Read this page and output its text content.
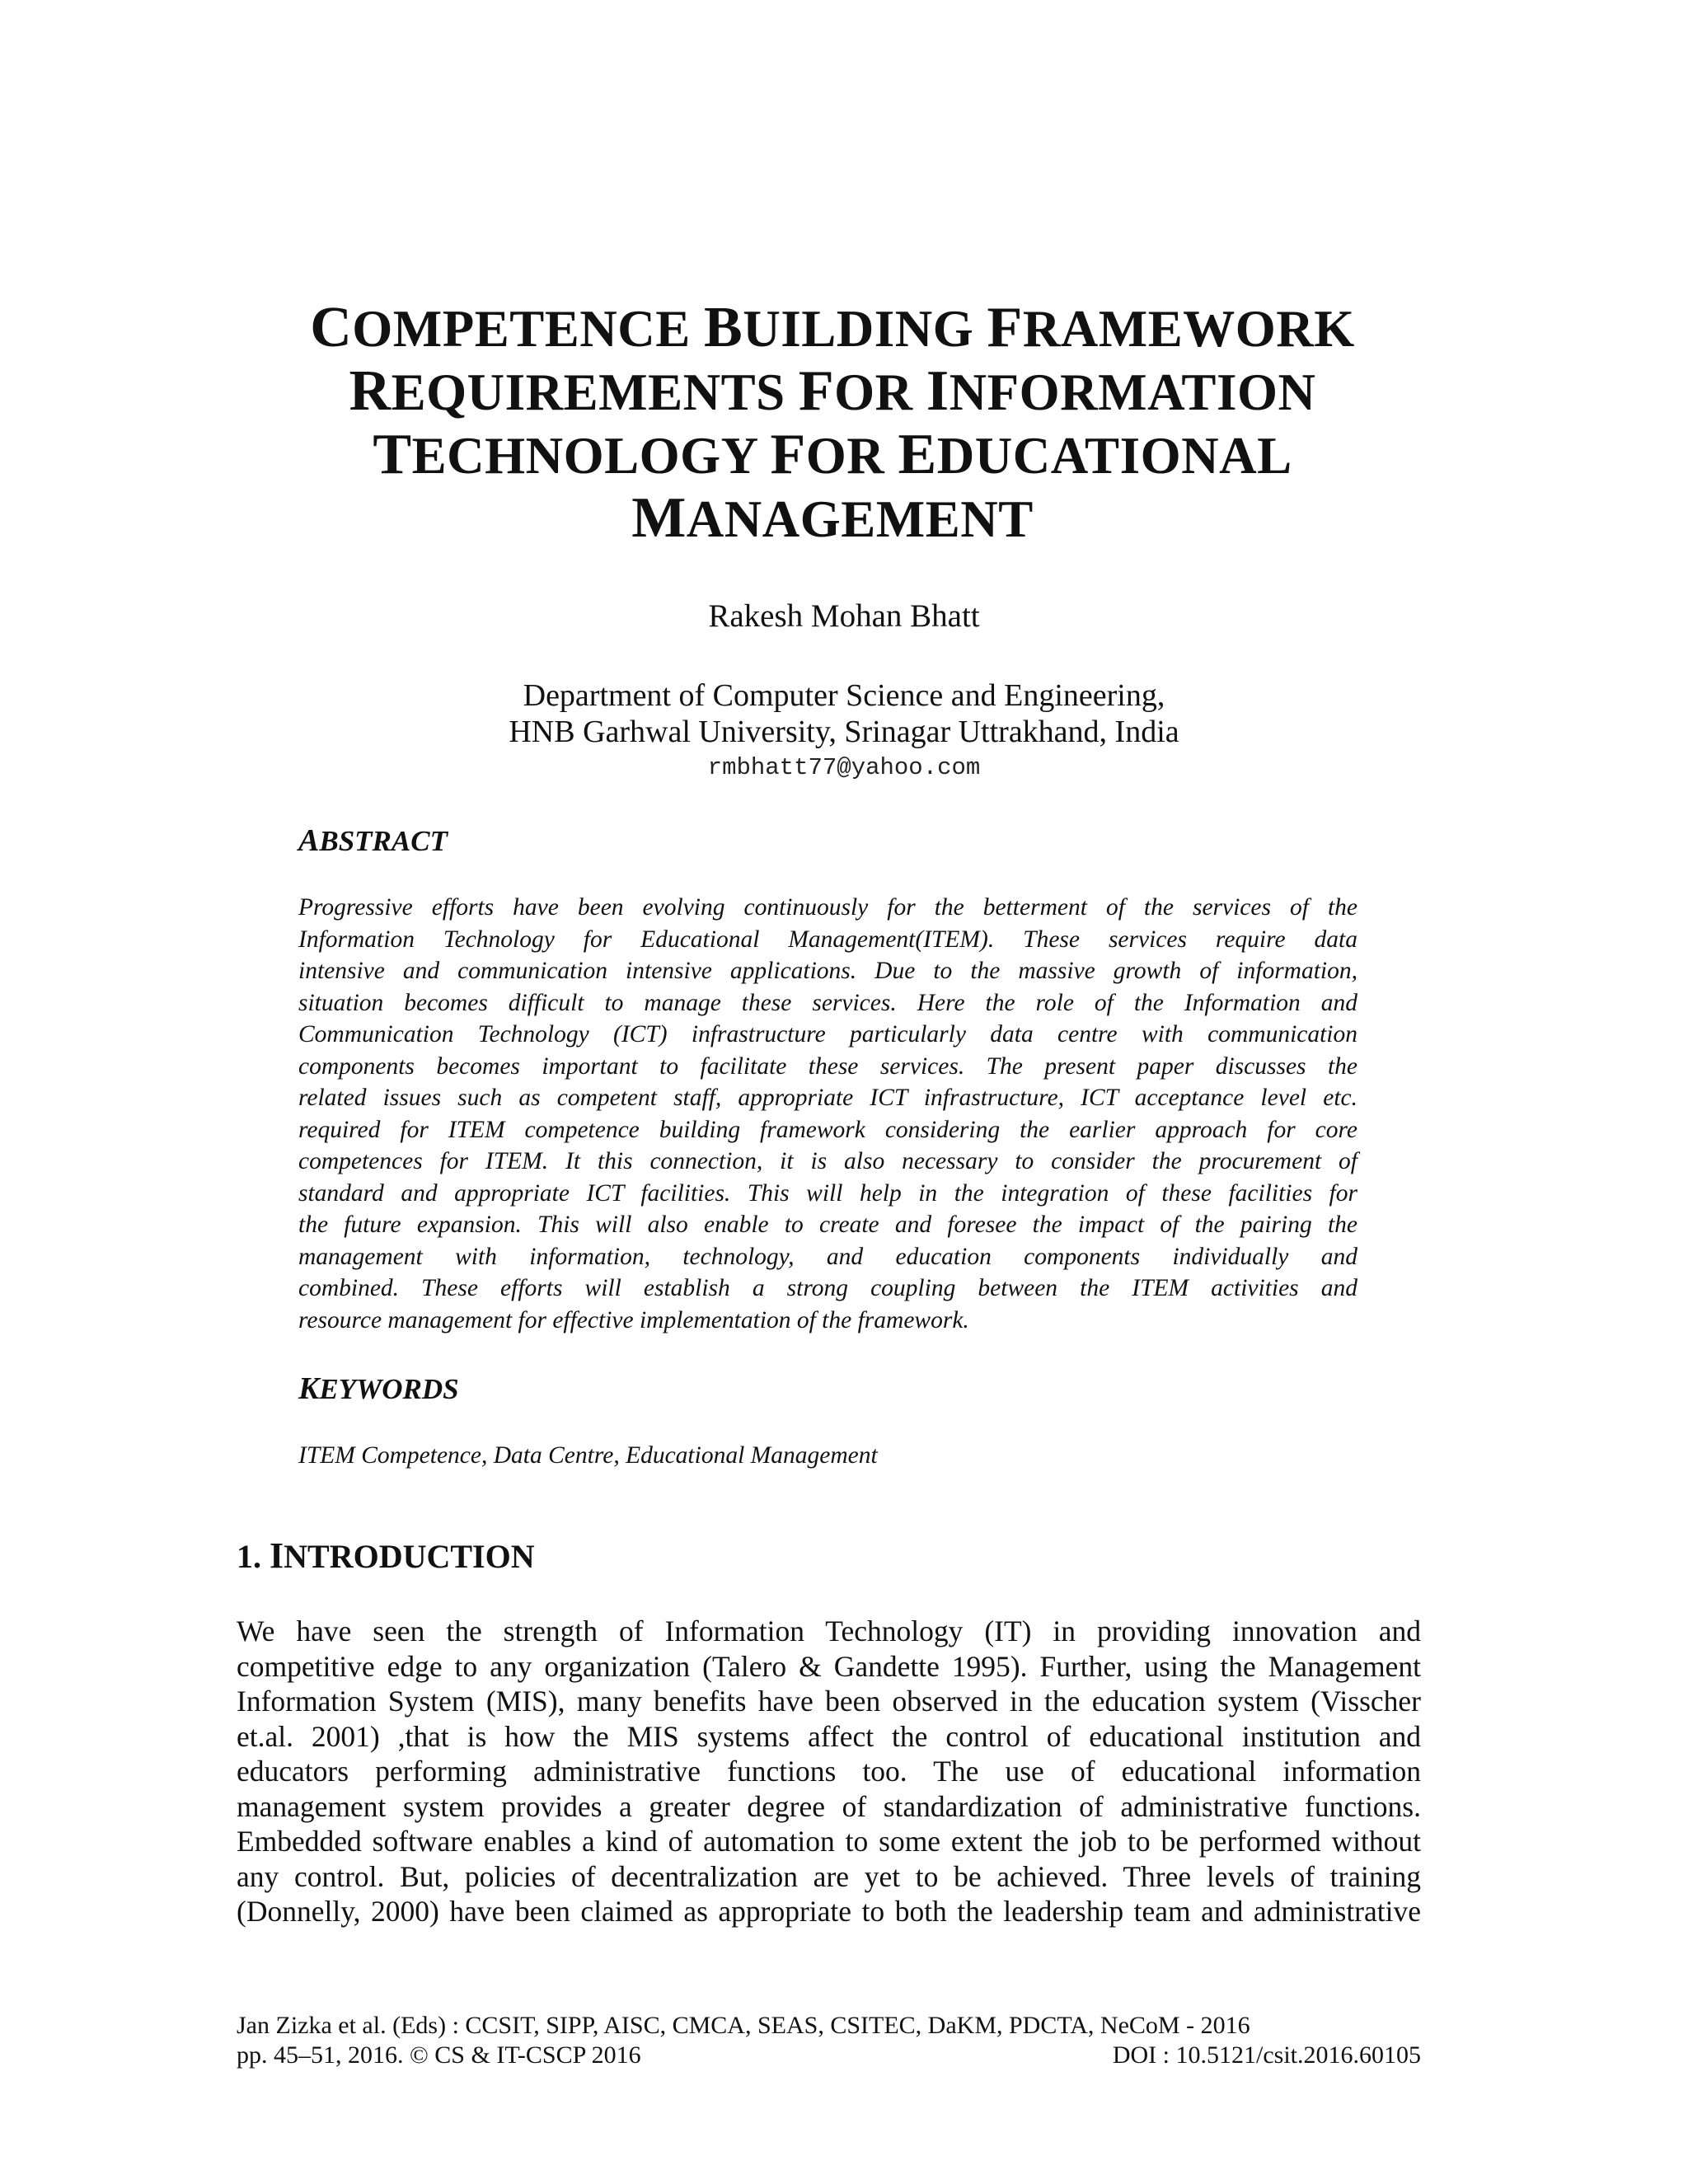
COMPETENCE BUILDING FRAMEWORK
REQUIREMENTS FOR INFORMATION
TECHNOLOGY FOR EDUCATIONAL
MANAGEMENT
Rakesh Mohan Bhatt
Department of Computer Science and Engineering,
HNB Garhwal University, Srinagar Uttrakhand, India
rmbhatt77@yahoo.com
ABSTRACT
Progressive efforts have been evolving continuously for the betterment of the services of the
Information Technology for Educational Management(ITEM). These services require data
intensive and communication intensive applications. Due to the massive growth of information,
situation becomes difficult to manage these services. Here the role of the Information and
Communication Technology (ICT) infrastructure particularly data centre with communication
components becomes important to facilitate these services. The present paper discusses the
related issues such as competent staff, appropriate ICT infrastructure, ICT acceptance level etc.
required for ITEM competence building framework considering the earlier approach for core
competences for ITEM. It this connection, it is also necessary to consider the procurement of
standard and appropriate ICT facilities. This will help in the integration of these facilities for
the future expansion. This will also enable to create and foresee the impact of the pairing the
management with information, technology, and education components individually and
combined. These efforts will establish a strong coupling between the ITEM activities and
resource management for effective implementation of the framework.
KEYWORDS
ITEM Competence, Data Centre, Educational Management
1. INTRODUCTION
We have seen the strength of Information Technology (IT) in providing innovation and
competitive edge to any organization (Talero & Gandette 1995). Further, using the Management
Information System (MIS), many benefits have been observed in the education system (Visscher
et.al. 2001) ,that is how the MIS systems affect the control of educational institution and
educators performing administrative functions too. The use of educational information
management system provides a greater degree of standardization of administrative functions.
Embedded software enables a kind of automation to some extent the job to be performed without
any control. But, policies of decentralization are yet to be achieved. Three levels of training
(Donnelly, 2000) have been claimed as appropriate to both the leadership team and administrative
Jan Zizka et al. (Eds) : CCSIT, SIPP, AISC, CMCA, SEAS, CSITEC, DaKM, PDCTA, NeCoM - 2016
pp. 45–51, 2016. © CS & IT-CSCP 2016	DOI : 10.5121/csit.2016.60105
